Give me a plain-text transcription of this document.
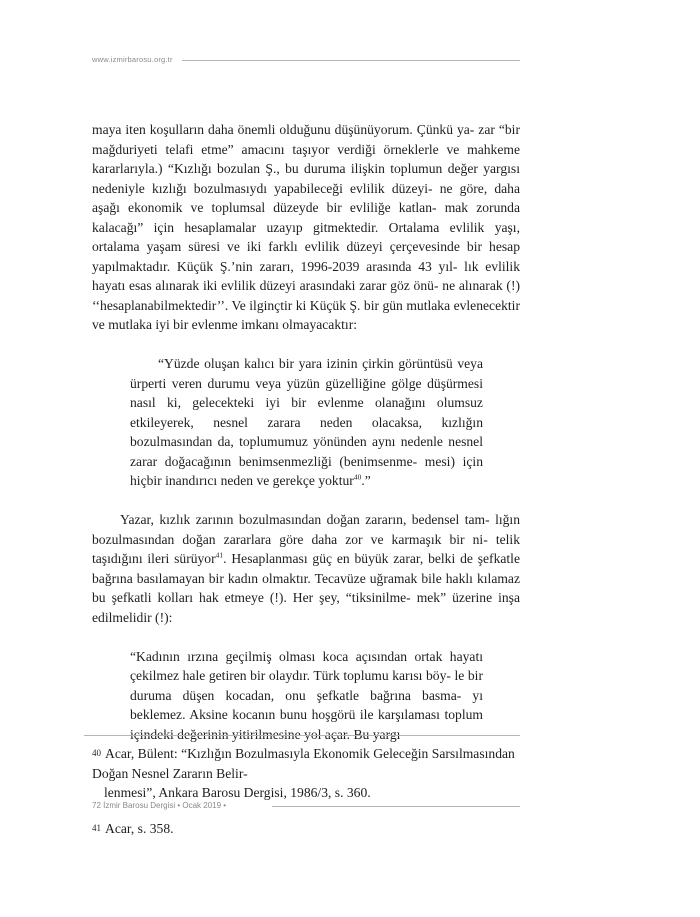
www.izmirbarosu.org.tr

maya iten koşulların daha önemli olduğunu düşünüyorum. Çünkü ya- zar “bir mağduriyeti telafi etme” amacını taşıyor verdiği örneklerle ve mahkeme kararlarıyla.) “Kızlığı bozulan Ş., bu duruma ilişkin toplumun değer yargısı nedeniyle kızlığı bozulmasıydı yapabileceği evlilik düzeyi- ne göre, daha aşağı ekonomik ve toplumsal düzeyde bir evliliğe katlan- mak zorunda kalacağı” için hesaplamalar uzayıp gitmektedir. Ortalama evlilik yaşı, ortalama yaşam süresi ve iki farklı evlilik düzeyi çerçevesinde bir hesap yapılmaktadır. Küçük Ş.’nin zararı, 1996-2039 arasında 43 yıl- lık evlilik hayatı esas alınarak iki evlilik düzeyi arasındaki zarar göz önü- ne alınarak (!) ‘‘hesaplanabilmektedir’’. Ve ilginçtir ki Küçük Ş. bir gün mutlaka evlenecektir ve mutlaka iyi bir evlenme imkanı olmayacaktır:

“Yüzde oluşan kalıcı bir yara izinin çirkin görüntüsü veya ürperti veren durumu veya yüzün güzelliğine gölge düşürmesi nasıl ki, gelecekteki iyi bir evlenme olanağını olumsuz etkileyerek, nesnel zarara neden olacaksa, kızlığın bozulmasından da, toplumumuz yönünden aynı nedenle nesnel zarar doğacağının benimsenmezliği (benimsenme- mesi) için hiçbir inandırıcı neden ve gerekçe yoktur$^{40}$.”

Yazar, kızlık zarının bozulmasından doğan zararın, bedensel tam- lığın bozulmasından doğan zararlara göre daha zor ve karmaşık bir ni- telik taşıdığını ileri sürüyor$^{41}$. Hesaplanması güç en büyük zarar, belki de şefkatle bağrına basılamayan bir kadın olmaktır. Tecavüze uğramak bile haklı kılamaz bu şefkatli kolları hak etmeye (!). Her şey, “tiksinilme- mek” üzerine inşa edilmelidir (!):

“Kadının ırzına geçilmiş olması koca açısından ortak hayatı çekilmez hale getiren bir olaydır. Türk toplumu karısı böy- le bir duruma düşen kocadan, onu şefkatle bağrına basma- yı beklemez. Aksine kocanın bunu hoşgörü ile karşılaması toplum içindeki değerinin yitirilmesine yol açar. Bu yargı

40 Acar, Bülent: “Kızlığın Bozulmasıyla Ekonomik Geleceğin Sarsılmasından Doğan Nesnel Zararın Belir-
lenmesi”, Ankara Barosu Dergisi, 1986/3, s. 360.

41 Acar, s. 358.

72 İzmir Barosu Dergisi • Ocak 2019 •
